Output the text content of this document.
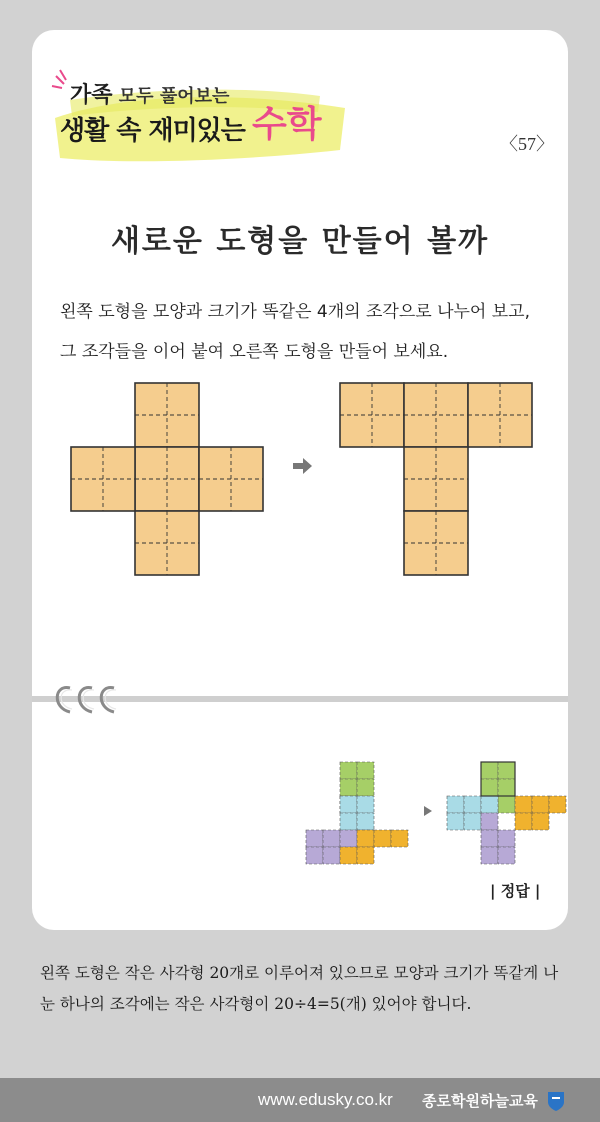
가족 모두 풀어보는
생활 속 재미있는 수학	〈57〉
새로운 도형을 만들어 볼까
왼쪽 도형을 모양과 크기가 똑같은 4개의 조각으로 나누어 보고, 그 조각들을 이어 붙여 오른쪽 도형을 만들어 보세요.
| 정답 |
왼쪽 도형은 작은 사각형 20개로 이루어져 있으므로 모양과 크기가 똑같게 나눈 하나의 조각에는 작은 사각형이 20÷4=5(개) 있어야 합니다.
www.edusky.co.kr 종로학원하늘교육
